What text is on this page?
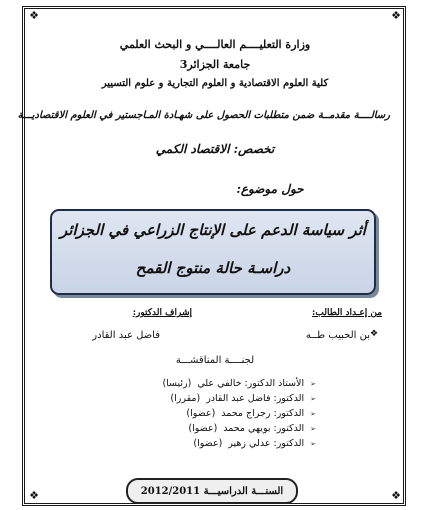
❖	❖
❖	❖
وزارة التعليــــم العالــــي و البحث العلمي
جامعة الجزائر3
كلية العلوم الاقتصادية و العلوم التجارية و علوم التسيير
رسالــــة مقدمــة ضمن متطلبات الحصول على شهـادة المـاجستير في العلوم الاقتصاديـــة
تخصص: الاقتصاد الكمي
حول موضوع:
أثر سياسة الدعم على الإنتاج الزراعي في الجزائر
دراسـة حالة منتوج القمح
من إعـداد الطالب:
إشراف الدكتور:
❖
بن الحبيب طــه
فاضل عبد القادر
لجنــــة المناقشـــة
➢الأستاذ الدكتور: خالفي علي(رئيسا)
➢الدكتور: فاضل عبد القادر(مقررا)
➢الدكتور: رجراج محمد(عضوا)
➢الدكتور: بويهي محمد(عضوا)
➢الدكتور: عدلي زهير(عضوا)
السنـــة الدراسيـــة 2012/2011
